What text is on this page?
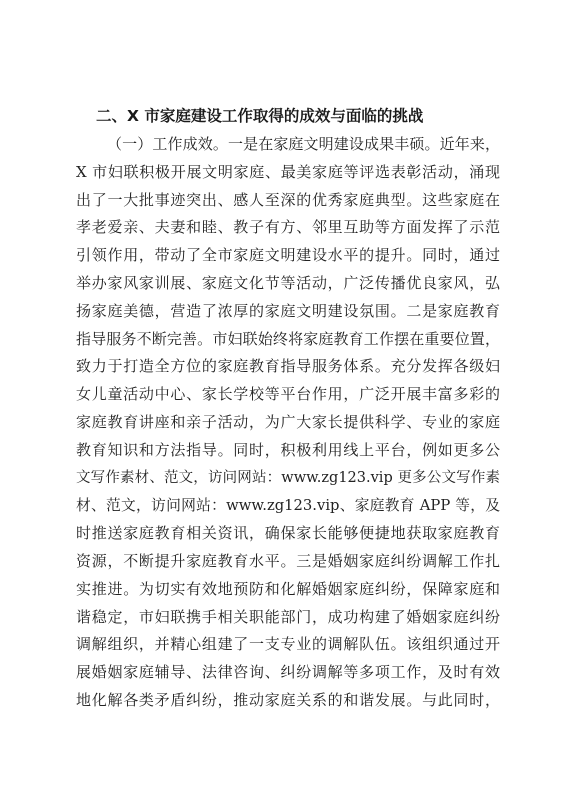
二、X 市家庭建设工作取得的成效与面临的挑战
（一）工作成效。一是在家庭文明建设成果丰硕。近年来，
X 市妇联积极开展文明家庭、最美家庭等评选表彰活动，涌现
出了一大批事迹突出、感人至深的优秀家庭典型。这些家庭在
孝老爱亲、夫妻和睦、教子有方、邻里互助等方面发挥了示范
引领作用，带动了全市家庭文明建设水平的提升。同时，通过
举办家风家训展、家庭文化节等活动，广泛传播优良家风，弘
扬家庭美德，营造了浓厚的家庭文明建设氛围。二是家庭教育
指导服务不断完善。市妇联始终将家庭教育工作摆在重要位置，
致力于打造全方位的家庭教育指导服务体系。充分发挥各级妇
女儿童活动中心、家长学校等平台作用，广泛开展丰富多彩的
家庭教育讲座和亲子活动，为广大家长提供科学、专业的家庭
教育知识和方法指导。同时，积极利用线上平台，例如更多公
文写作素材、范文，访问网站：www.zg123.vip 更多公文写作素
材、范文，访问网站：www.zg123.vip、家庭教育 APP 等，及
时推送家庭教育相关资讯，确保家长能够便捷地获取家庭教育
资源，不断提升家庭教育水平。三是婚姻家庭纠纷调解工作扎
实推进。为切实有效地预防和化解婚姻家庭纠纷，保障家庭和
谐稳定，市妇联携手相关职能部门，成功构建了婚姻家庭纠纷
调解组织，并精心组建了一支专业的调解队伍。该组织通过开
展婚姻家庭辅导、法律咨询、纠纷调解等多项工作，及时有效
地化解各类矛盾纠纷，推动家庭关系的和谐发展。与此同时，
